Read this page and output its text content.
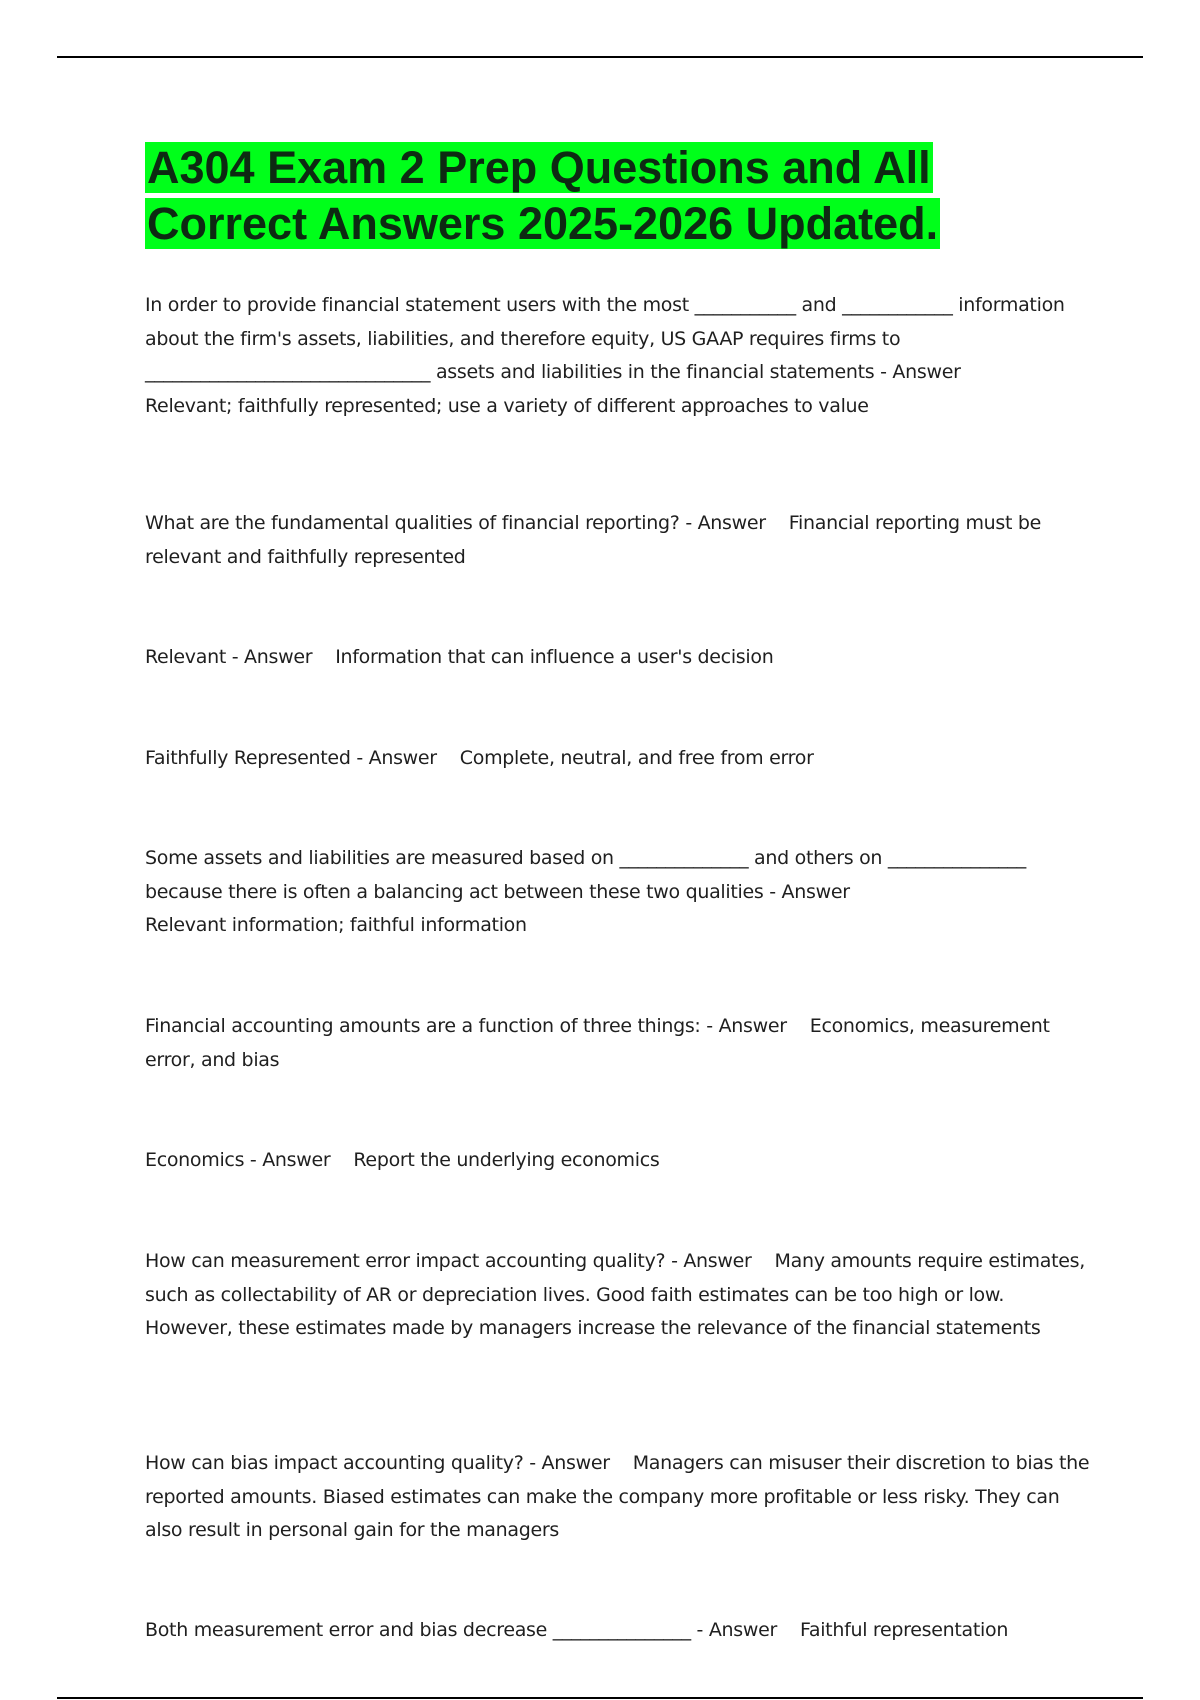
A304 Exam 2 Prep Questions and All Correct Answers 2025-2026 Updated.

In order to provide financial statement users with the most ___________ and ____________ information about the firm's assets, liabilities, and therefore equity, US GAAP requires firms to _______________________________ assets and liabilities in the financial statements - Answer
Relevant; faithfully represented; use a variety of different approaches to value

What are the fundamental qualities of financial reporting? - Answer Financial reporting must be relevant and faithfully represented

Relevant - Answer Information that can influence a user's decision

Faithfully Represented - Answer Complete, neutral, and free from error

Some assets and liabilities are measured based on ______________ and others on _______________ because there is often a balancing act between these two qualities - Answer
Relevant information; faithful information

Financial accounting amounts are a function of three things: - Answer Economics, measurement error, and bias

Economics - Answer Report the underlying economics

How can measurement error impact accounting quality? - Answer Many amounts require estimates, such as collectability of AR or depreciation lives. Good faith estimates can be too high or low. However, these estimates made by managers increase the relevance of the financial statements

How can bias impact accounting quality? - Answer Managers can misuser their discretion to bias the reported amounts. Biased estimates can make the company more profitable or less risky. They can also result in personal gain for the managers

Both measurement error and bias decrease _______________ - Answer Faithful representation
